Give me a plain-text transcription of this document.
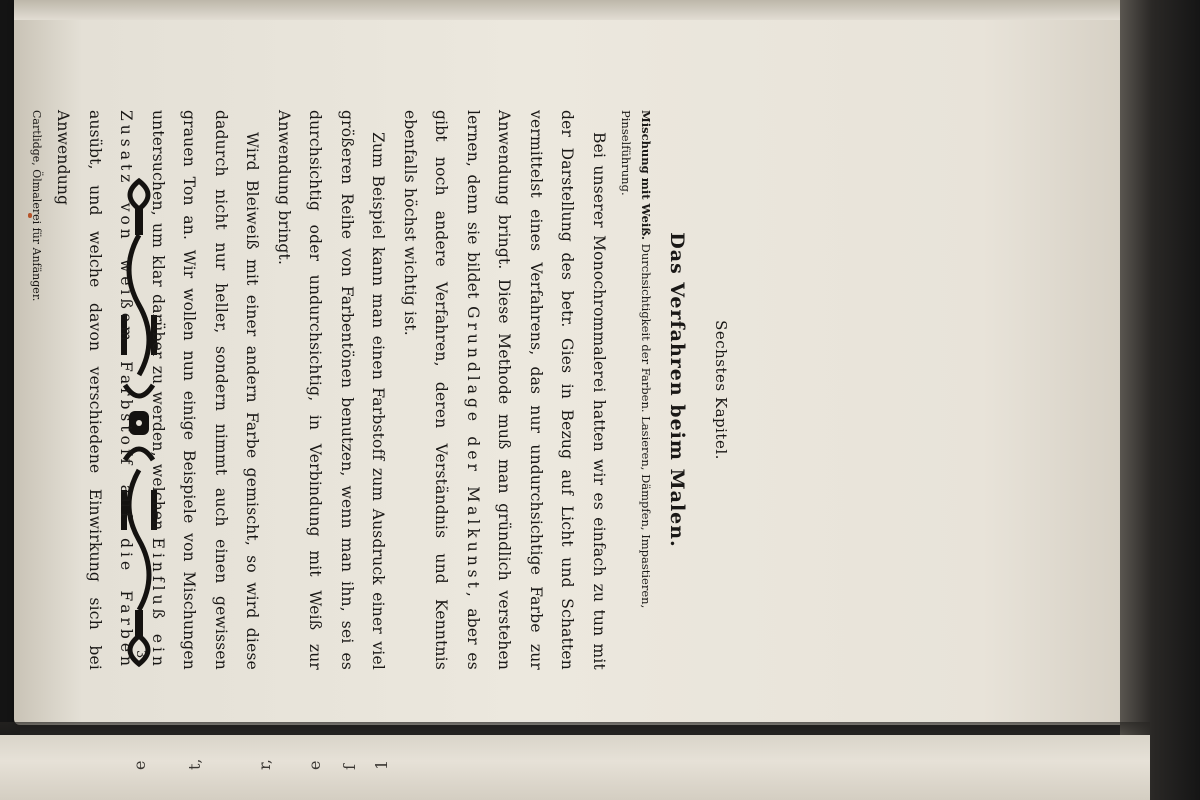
e t,	r, e ſ 1
Sechstes Kapitel.
Das Verfahren beim Malen.
Mischung mit Weiß. Durchsichtigkeit der Farben. Lasieren, Dämpfen, Impastieren, Pinselführung.

Bei unserer Monochrommalerei hatten wir es einfach zu tun mit der Darstellung des betr. Gies in Bezug auf Licht und Schatten vermittelst eines Verfahrens, das nur undurchsichtige Farbe zur Anwendung bringt. Diese Methode muß man gründlich verstehen lernen, denn sie bildet Grundlage der Malkunst, aber es gibt noch andere Verfahren, deren Verständnis und Kenntnis ebenfalls höchst wichtig ist.

Zum Beispiel kann man einen Farbstoff zum Ausdruck einer viel größeren Reihe von Farbentönen benutzen, wenn man ihn, sei es durchsichtig oder undurchsichtig, in Verbindung mit Weiß zur Anwendung bringt.

Wird Bleiweiß mit einer andern Farbe gemischt, so wird diese dadurch nicht nur heller, sondern nimmt auch einen gewissen grauen Ton an. Wir wollen nun einige Beispiele von Mischungen untersuchen, um klar darüber zu werden, welchen Einfluß ein Zusatz von weißem Farbstoff auf die Farben ausübt, und welche davon verschiedene Einwirkung sich bei Anwendung

Cartlidge, Ölmalerei für Anfänger.
3
